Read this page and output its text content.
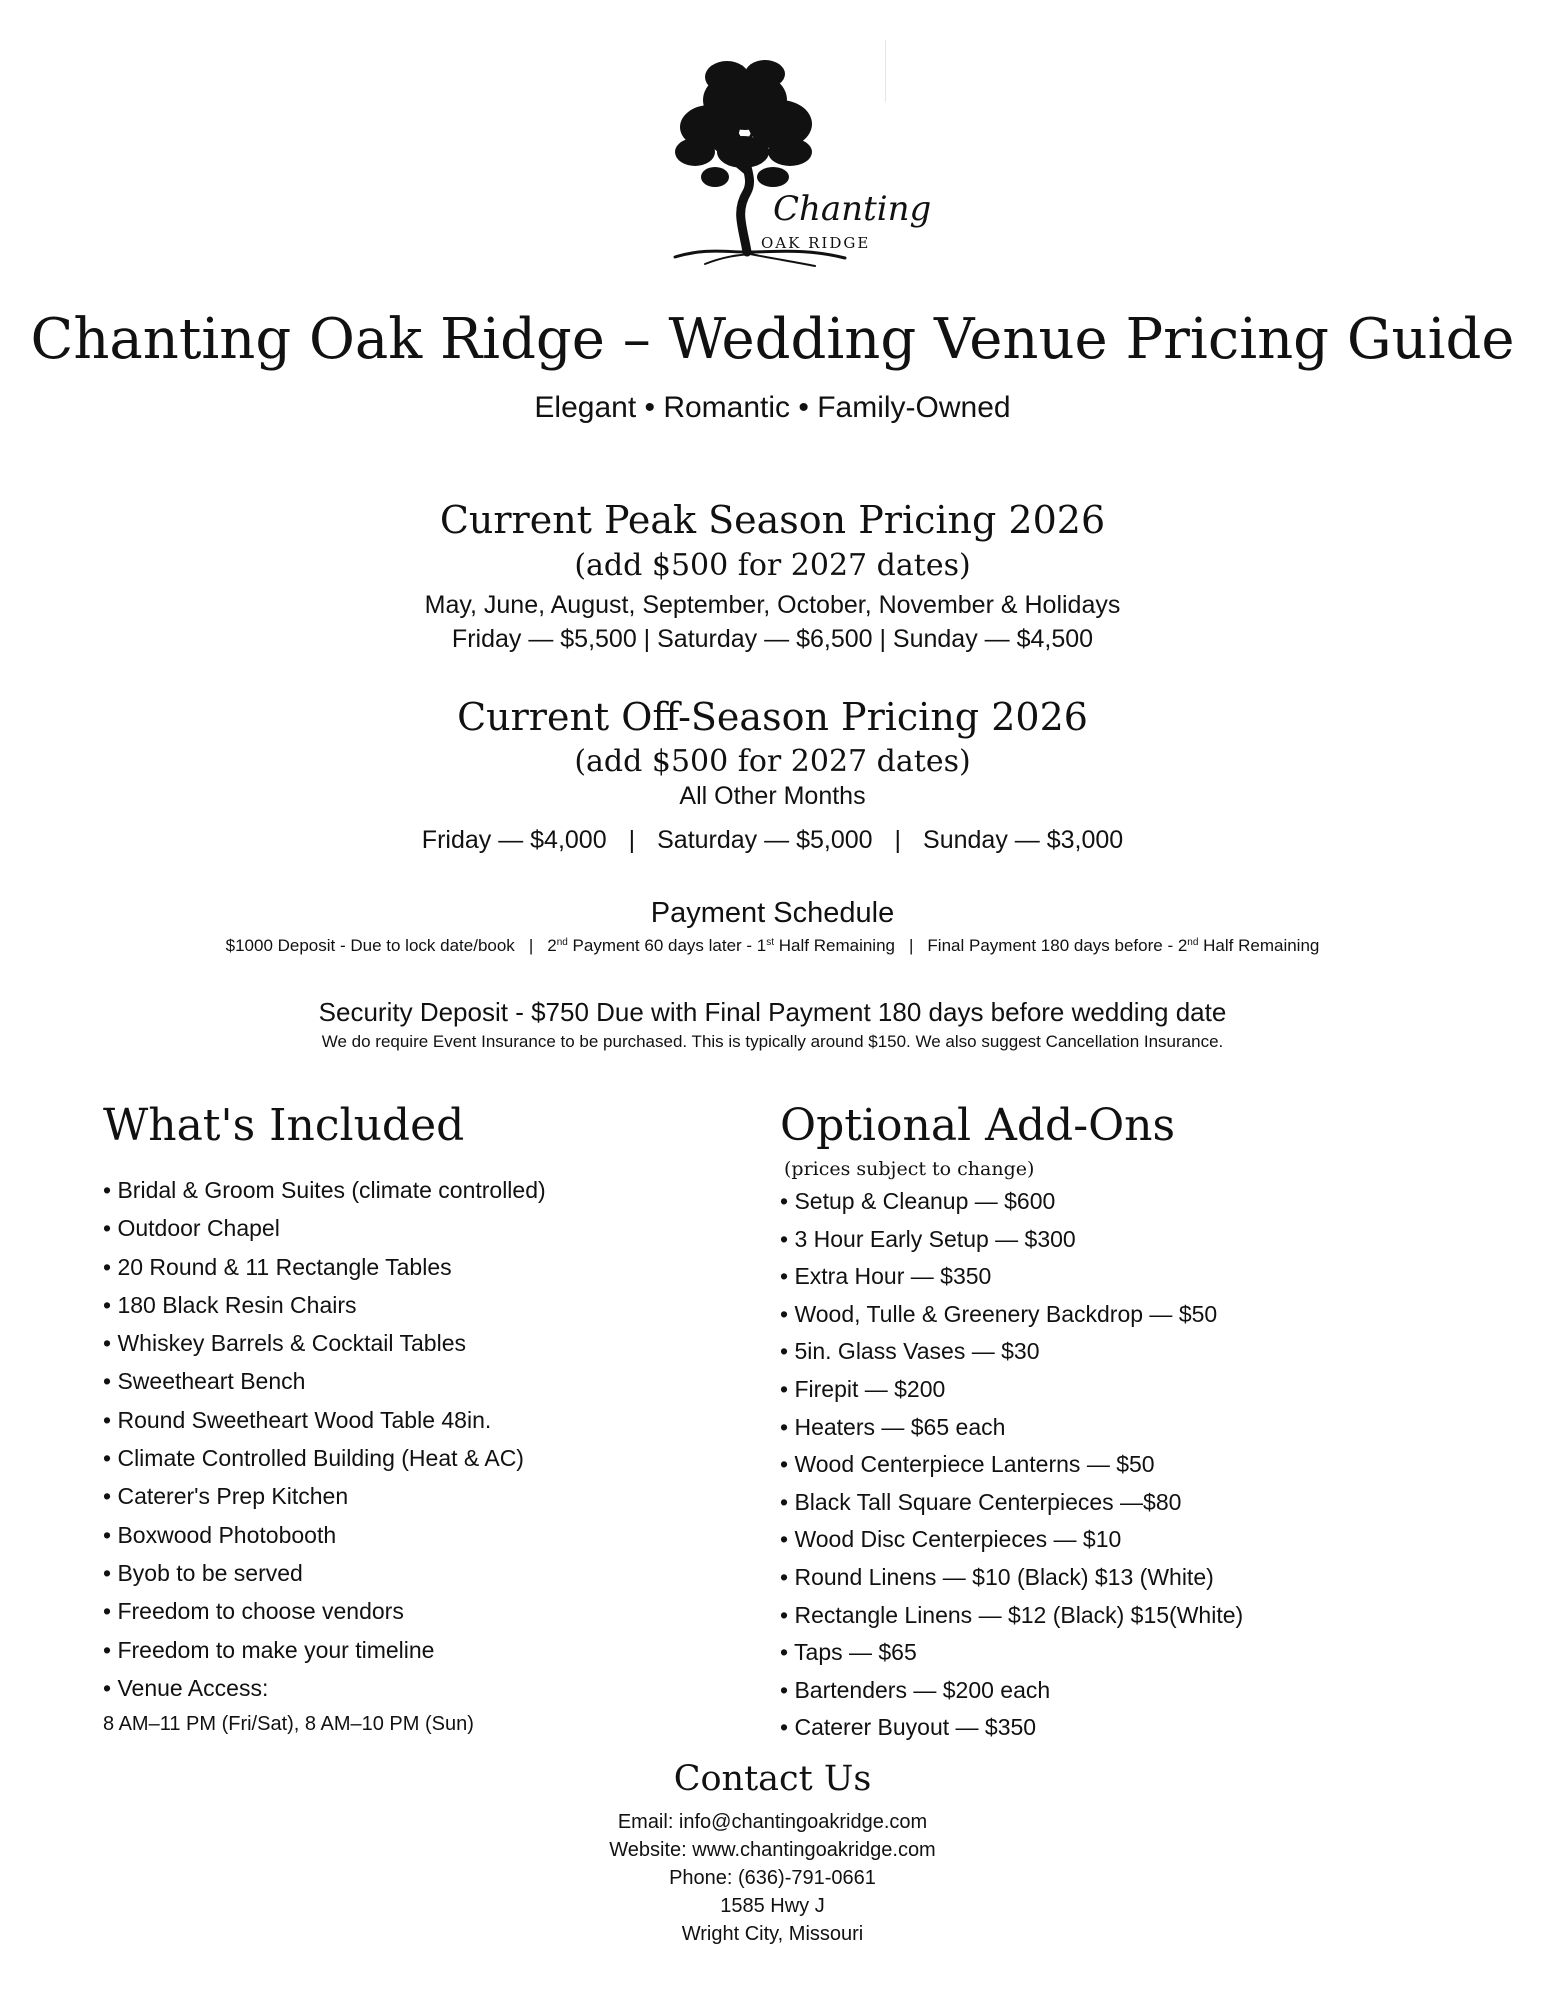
Chanting
OAK RIDGE
Chanting Oak Ridge – Wedding Venue Pricing Guide
Elegant • Romantic • Family-Owned
Current Peak Season Pricing 2026
(add $500 for 2027 dates)
May, June, August, September, October, November & Holidays
Friday — $5,500 | Saturday — $6,500 | Sunday — $4,500
Current Off-Season Pricing 2026
(add $500 for 2027 dates)
All Other Months
Friday — $4,000 | Saturday — $5,000 | Sunday — $3,000
Payment Schedule
$1000 Deposit - Due to lock date/book | 2nd Payment 60 days later - 1st Half Remaining | Final Payment 180 days before - 2nd Half Remaining
Security Deposit - $750 Due with Final Payment 180 days before wedding date
We do require Event Insurance to be purchased. This is typically around $150. We also suggest Cancellation Insurance.
What's Included
• Bridal & Groom Suites (climate controlled)
• Outdoor Chapel
• 20 Round & 11 Rectangle Tables
• 180 Black Resin Chairs
• Whiskey Barrels & Cocktail Tables
• Sweetheart Bench
• Round Sweetheart Wood Table 48in.
• Climate Controlled Building (Heat & AC)
• Caterer's Prep Kitchen
• Boxwood Photobooth
• Byob to be served
• Freedom to choose vendors
• Freedom to make your timeline
• Venue Access:

8 AM–11 PM (Fri/Sat), 8 AM–10 PM (Sun)

Optional Add-Ons

(prices subject to change)

• Setup & Cleanup — $600
• 3 Hour Early Setup — $300
• Extra Hour — $350
• Wood, Tulle & Greenery Backdrop — $50
• 5in. Glass Vases — $30
• Firepit — $200
• Heaters — $65 each
• Wood Centerpiece Lanterns — $50
• Black Tall Square Centerpieces —$80
• Wood Disc Centerpieces — $10
• Round Linens — $10 (Black) $13 (White)
• Rectangle Linens — $12 (Black) $15(White)
• Taps — $65
• Bartenders — $200 each
• Caterer Buyout — $350
Contact Us
Email: info@chantingoakridge.com
Website: www.chantingoakridge.com
Phone: (636)-791-0661
1585 Hwy J
Wright City, Missouri
